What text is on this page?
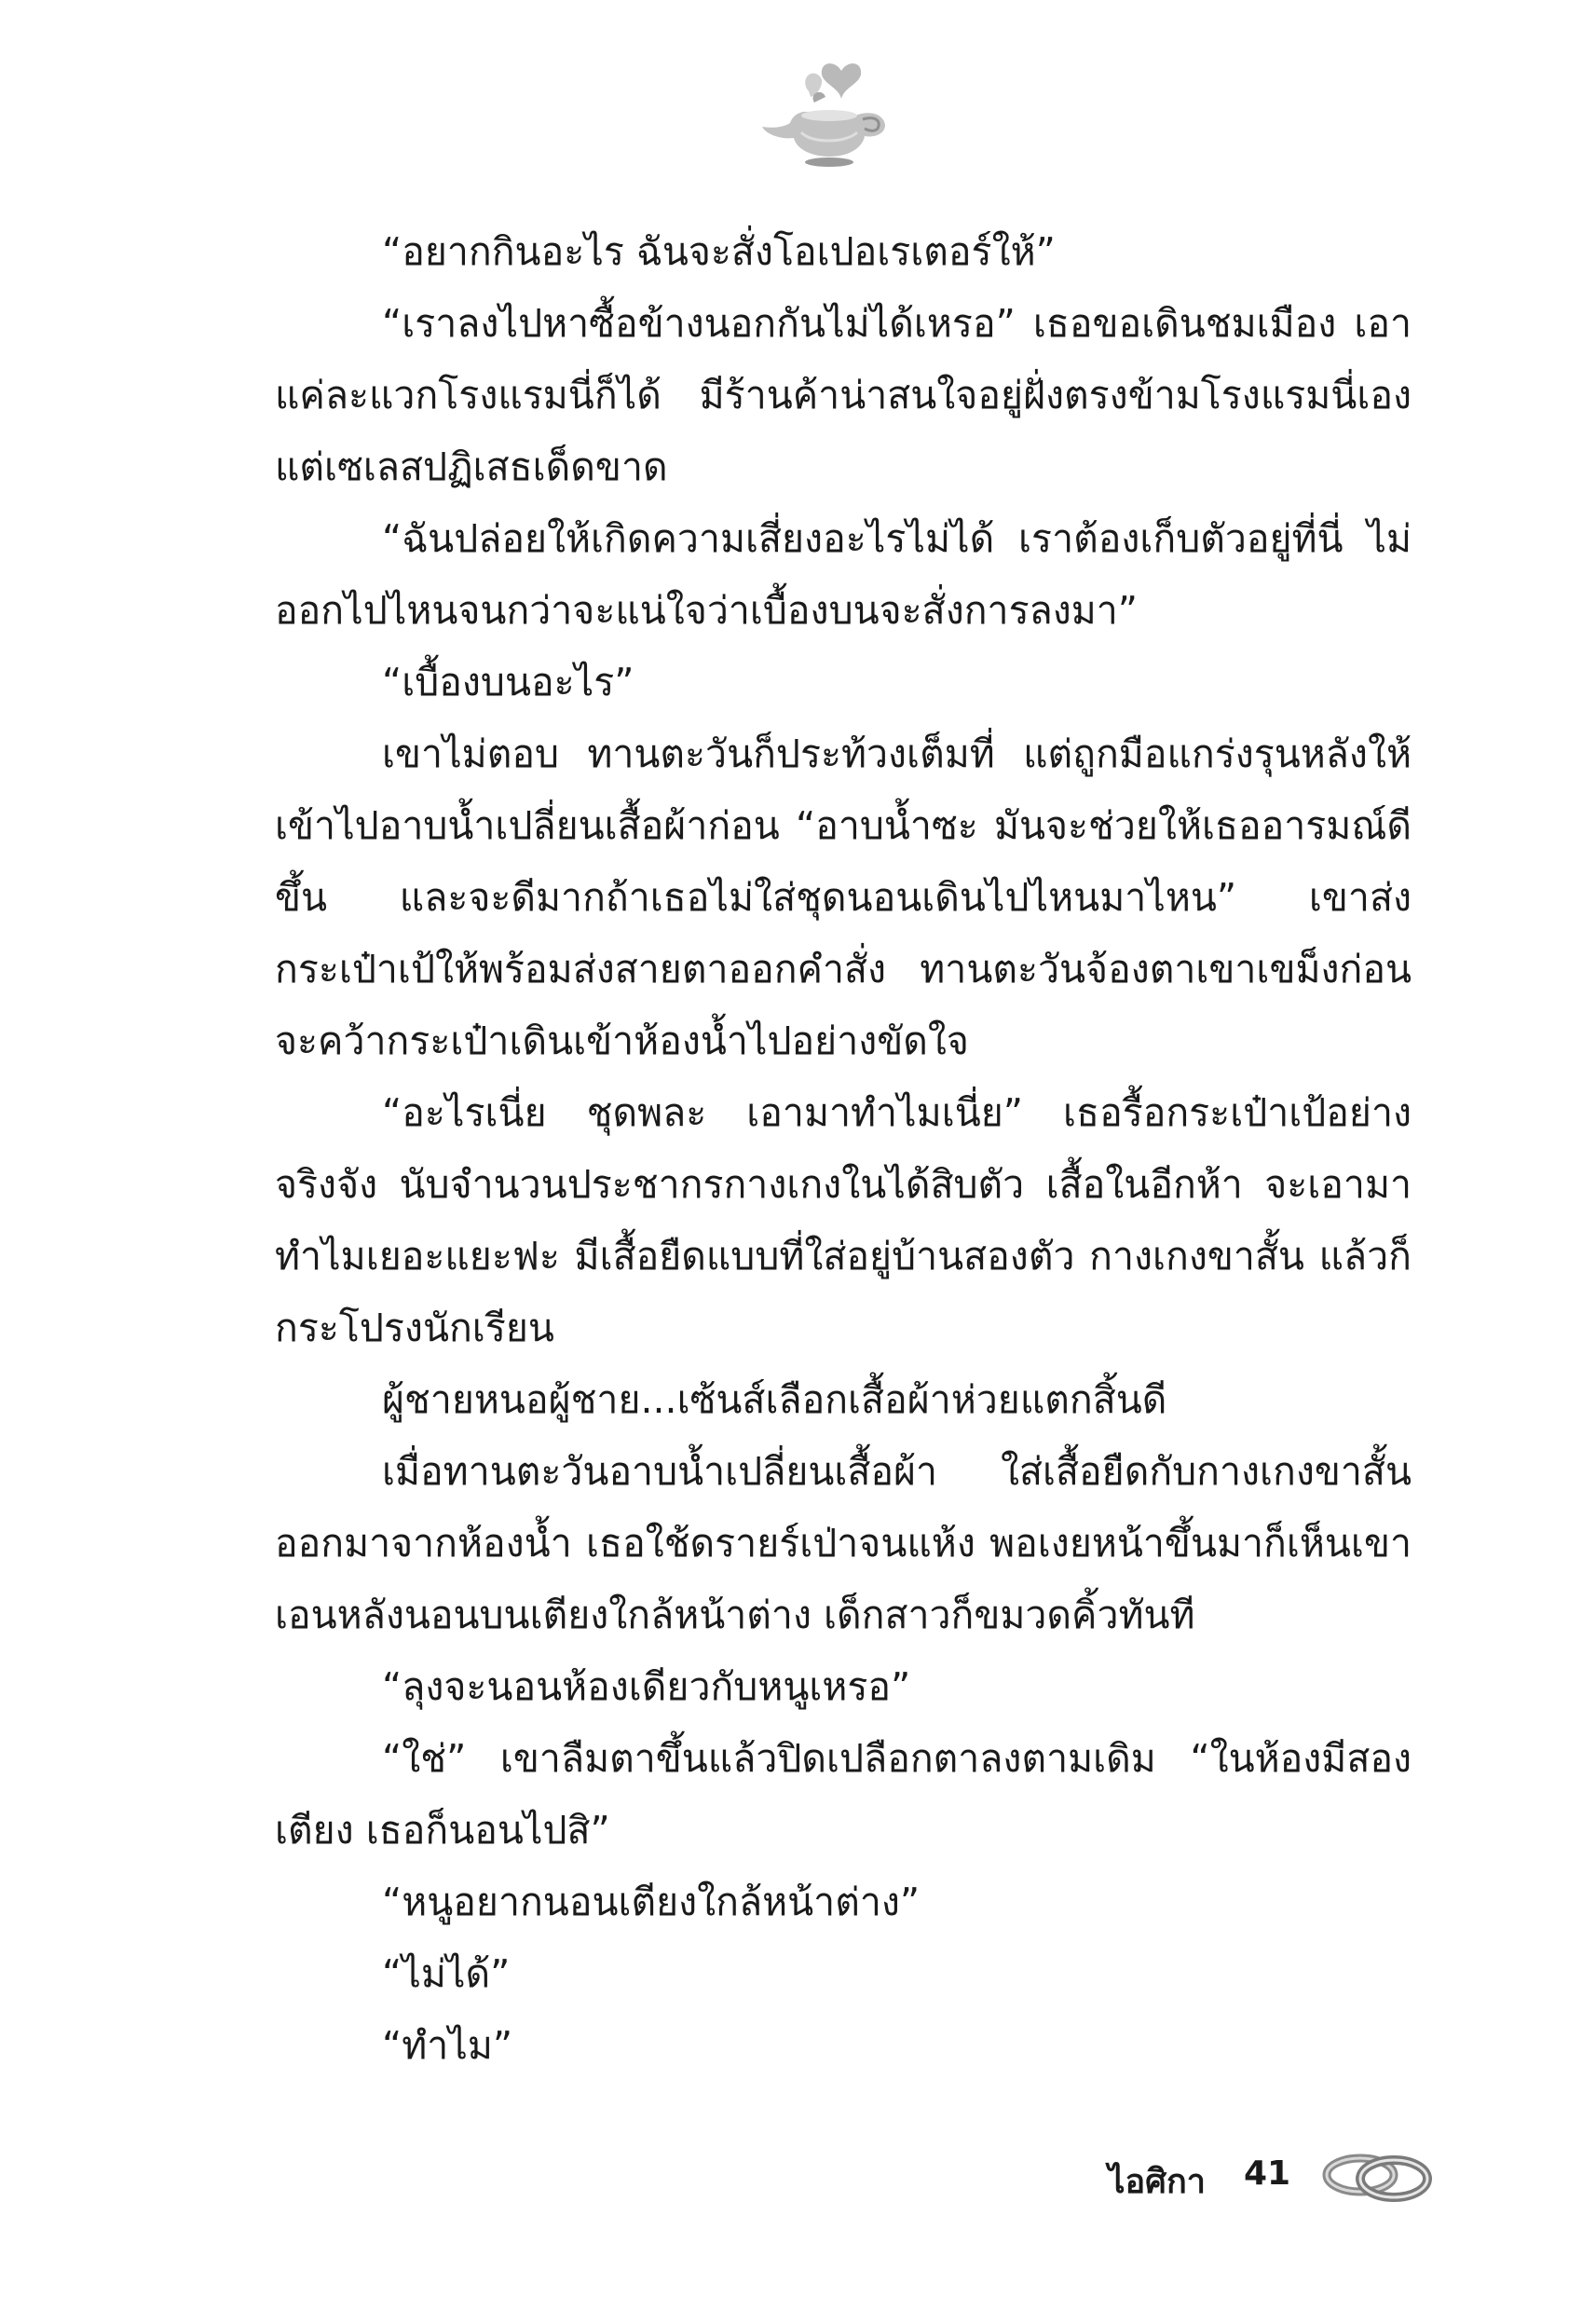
“อยากกินอะไร ฉันจะสั่งโอเปอเรเตอร์ให้”

“เราลงไปหาซื้อข้างนอกกันไม่ได้เหรอ” เธอขอเดินชมเมือง เอาแค่ละแวกโรงแรมนี่ก็ได้ มีร้านค้าน่าสนใจอยู่ฝั่งตรงข้ามโรงแรมนี่เอง แต่เซเลสปฏิเสธเด็ดขาด

“ฉันปล่อยให้เกิดความเสี่ยงอะไรไม่ได้ เราต้องเก็บตัวอยู่ที่นี่ ไม่ออกไปไหนจนกว่าจะแน่ใจว่าเบื้องบนจะสั่งการลงมา”

“เบื้องบนอะไร”

เขาไม่ตอบ ทานตะวันก็ประท้วงเต็มที่ แต่ถูกมือแกร่งรุนหลังให้เข้าไปอาบน้ำเปลี่ยนเสื้อผ้าก่อน “อาบน้ำซะ มันจะช่วยให้เธออารมณ์ดีขึ้น และจะดีมากถ้าเธอไม่ใส่ชุดนอนเดินไปไหนมาไหน” เขาส่งกระเป๋าเป้ให้พร้อมส่งสายตาออกคำสั่ง ทานตะวันจ้องตาเขาเขม็งก่อนจะคว้ากระเป๋าเดินเข้าห้องน้ำไปอย่างขัดใจ

“อะไรเนี่ย ชุดพละ เอามาทำไมเนี่ย” เธอรื้อกระเป๋าเป้อย่างจริงจัง นับจำนวนประชากรกางเกงในได้สิบตัว เสื้อในอีกห้า จะเอามาทำไมเยอะแยะฟะ มีเสื้อยืดแบบที่ใส่อยู่บ้านสองตัว กางเกงขาสั้น แล้วก็กระโปรงนักเรียน

ผู้ชายหนอผู้ชาย...เซ้นส์เลือกเสื้อผ้าห่วยแตกสิ้นดี

เมื่อทานตะวันอาบน้ำเปลี่ยนเสื้อผ้า ใส่เสื้อยืดกับกางเกงขาสั้นออกมาจากห้องน้ำ เธอใช้ดรายร์เป่าจนแห้ง พอเงยหน้าขึ้นมาก็เห็นเขาเอนหลังนอนบนเตียงใกล้หน้าต่าง เด็กสาวก็ขมวดคิ้วทันที

“ลุงจะนอนห้องเดียวกับหนูเหรอ”

“ใช่” เขาลืมตาขึ้นแล้วปิดเปลือกตาลงตามเดิม “ในห้องมีสองเตียง เธอก็นอนไปสิ”

“หนูอยากนอนเตียงใกล้หน้าต่าง”

“ไม่ได้”

“ทำไม”

ไอศิกา 41
